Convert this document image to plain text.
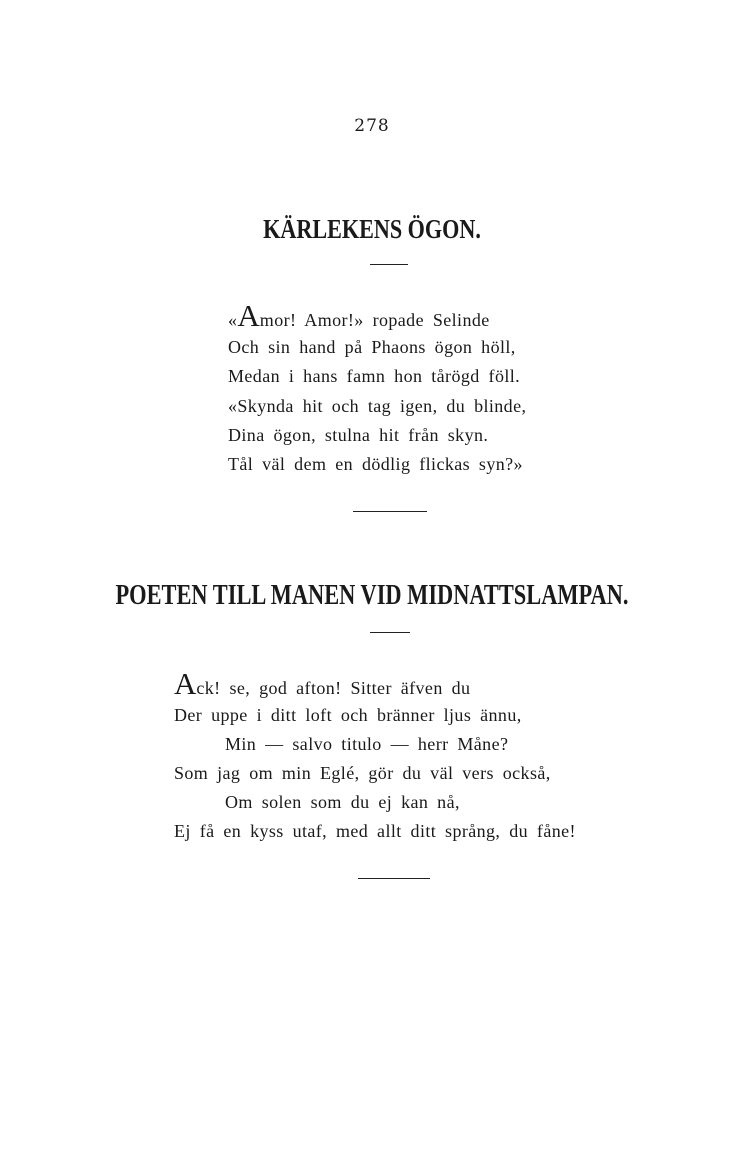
278
KÄRLEKENS ÖGON.
«Amor! Amor!» ropade Selinde
Och sin hand på Phaons ögon höll,
Medan i hans famn hon tårögd föll.
«Skynda hit och tag igen, du blinde,
Dina ögon, stulna hit från skyn.
Tål väl dem en dödlig flickas syn?»
POETEN TILL MANEN VID MIDNATTSLAMPAN.
Ack! se, god afton! Sitter äfven du
Der uppe i ditt loft och bränner ljus ännu,
Min — salvo titulo — herr Måne?
Som jag om min Eglé, gör du väl vers också,
Om solen som du ej kan nå,
Ej få en kyss utaf, med allt ditt språng, du fåne!
